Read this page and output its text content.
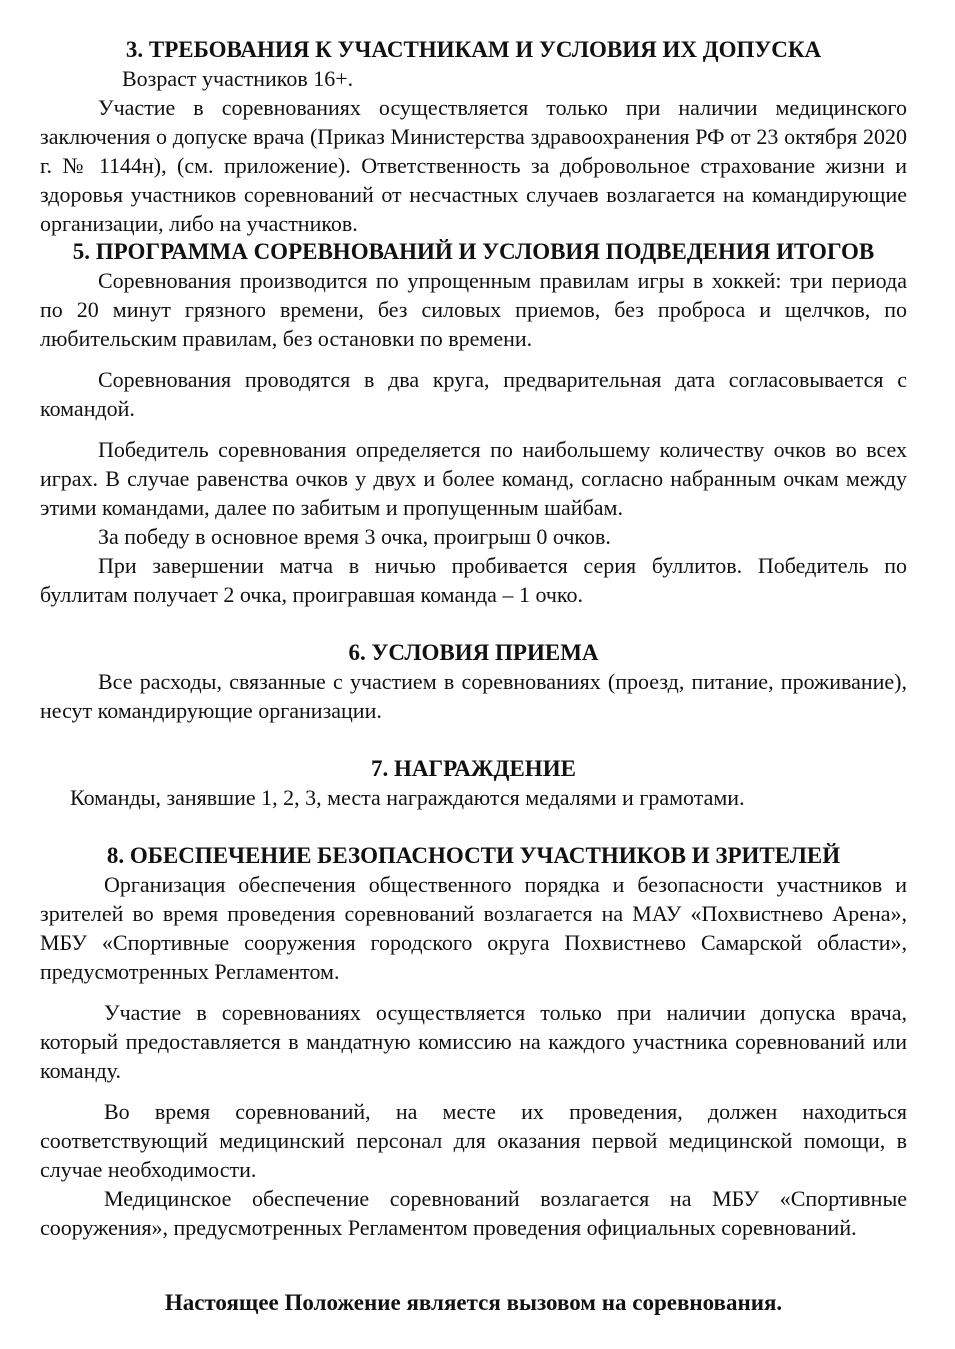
3. ТРЕБОВАНИЯ К УЧАСТНИКАМ И УСЛОВИЯ ИХ ДОПУСКА

Возраст участников 16+.

Участие в соревнованиях осуществляется только при наличии медицинского заключения о допуске врача (Приказ Министерства здравоохранения РФ от 23 октября 2020 г. № 1144н), (см. приложение). Ответственность за добровольное страхование жизни и здоровья участников соревнований от несчастных случаев возлагается на командирующие организации, либо на участников.

5. ПРОГРАММА СОРЕВНОВАНИЙ И УСЛОВИЯ ПОДВЕДЕНИЯ ИТОГОВ

Соревнования производится по упрощенным правилам игры в хоккей: три периода по 20 минут грязного времени, без силовых приемов, без проброса и щелчков, по любительским правилам, без остановки по времени.

Соревнования проводятся в два круга, предварительная дата согласовывается с командой.

Победитель соревнования определяется по наибольшему количеству очков во всех играх. В случае равенства очков у двух и более команд, согласно набранным очкам между этими командами, далее по забитым и пропущенным шайбам.

За победу в основное время 3 очка, проигрыш 0 очков.

При завершении матча в ничью пробивается серия буллитов. Победитель по буллитам получает 2 очка, проигравшая команда – 1 очко.

6. УСЛОВИЯ ПРИЕМА

Все расходы, связанные с участием в соревнованиях (проезд, питание, проживание), несут командирующие организации.

7. НАГРАЖДЕНИЕ

Команды, занявшие 1, 2, 3, места награждаются медалями и грамотами.

8. ОБЕСПЕЧЕНИЕ БЕЗОПАСНОСТИ УЧАСТНИКОВ И ЗРИТЕЛЕЙ

Организация обеспечения общественного порядка и безопасности участников и зрителей во время проведения соревнований возлагается на МАУ «Похвистнево Арена», МБУ «Спортивные сооружения городского округа Похвистнево Самарской области», предусмотренных Регламентом.

Участие в соревнованиях осуществляется только при наличии допуска врача, который предоставляется в мандатную комиссию на каждого участника соревнований или команду.

Во время соревнований, на месте их проведения, должен находиться соответствующий медицинский персонал для оказания первой медицинской помощи, в случае необходимости.

Медицинское обеспечение соревнований возлагается на МБУ «Спортивные сооружения», предусмотренных Регламентом проведения официальных соревнований.

Настоящее Положение является вызовом на соревнования.
